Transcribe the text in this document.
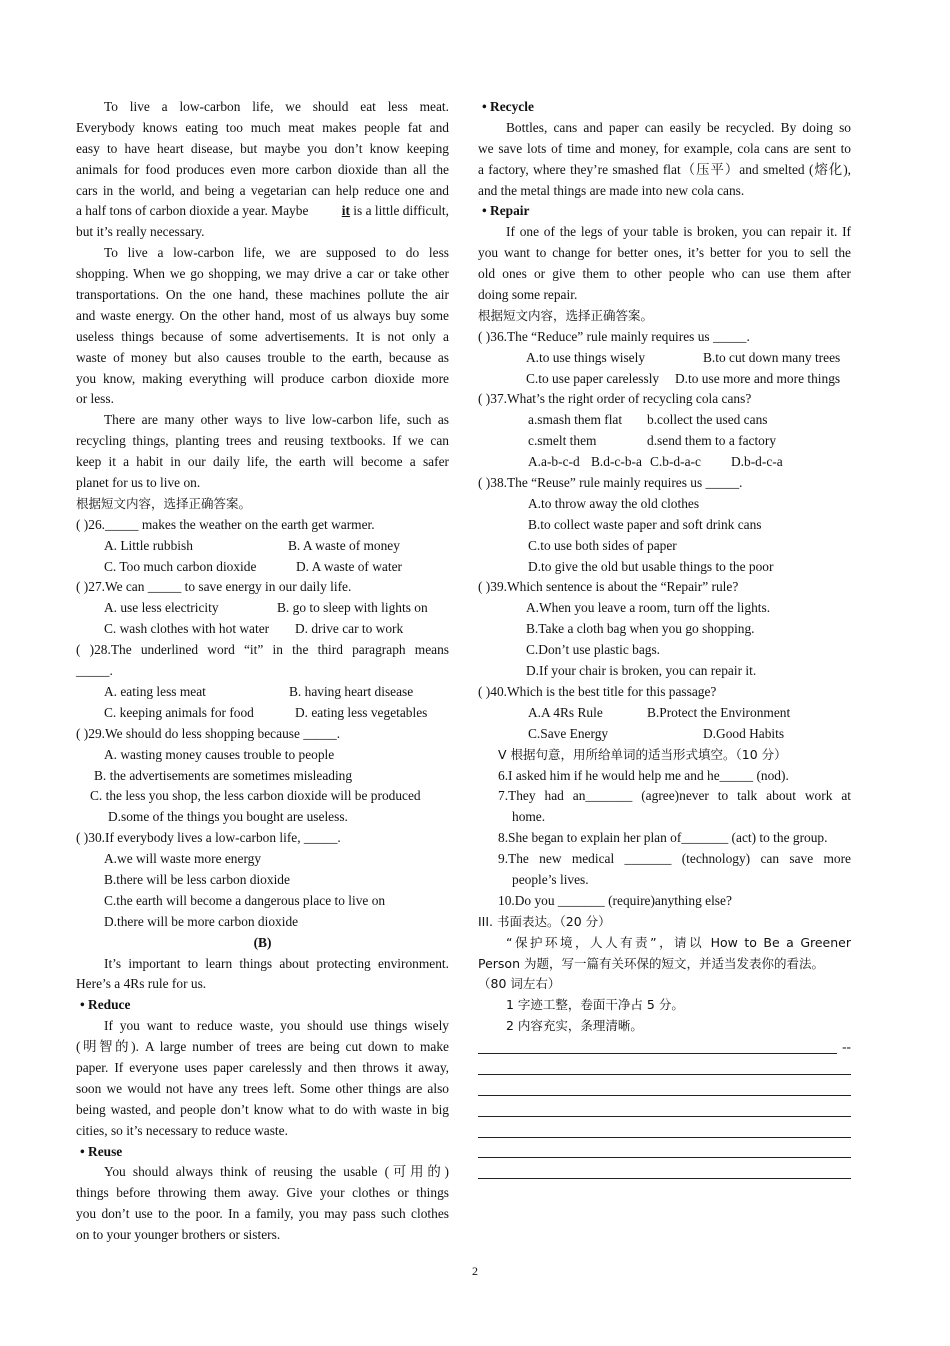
To live a low-carbon life, we should eat less meat.
Everybody knows eating too much meat makes people fat and
easy to have heart disease, but maybe you don’t know keeping
animals for food produces even more carbon dioxide than all the
cars in the world, and being a vegetarian can help reduce one and
a half tons of carbon dioxide a year. Maybe it is a little difficult,
but it’s really necessary.
To live a low-carbon life, we are supposed to do less
shopping. When we go shopping, we may drive a car or take other
transportations. On the one hand, these machines pollute the air
and waste energy. On the other hand, most of us always buy some
useless things because of some advertisements. It is not only a
waste of money but also causes trouble to the earth, because as
you know, making everything will produce carbon dioxide more
or less.
There are many other ways to live low-carbon life, such as
recycling things, planting trees and reusing textbooks. If we can
keep it a habit in our daily life, the earth will become a safer
planet for us to live on.
根据短文内容，选择正确答案。
( )26._____ makes the weather on the earth get warmer.
A. Little rubbish	B. A waste of money
C. Too much carbon dioxide	D. A waste of water
( )27.We can _____ to save energy in our daily life.
A. use less electricity	B. go to sleep with lights on
C. wash clothes with hot water	D. drive car to work
( )28.The underlined word “it” in the third paragraph means
_____.
A. eating less meat	B. having heart disease
C. keeping animals for food	D. eating less vegetables
( )29.We should do less shopping because _____.
A. wasting money causes trouble to people
B. the advertisements are sometimes misleading
C. the less you shop, the less carbon dioxide will be produced
D.some of the things you bought are useless.
( )30.If everybody lives a low-carbon life, _____.
A.we will waste more energy
B.there will be less carbon dioxide
C.the earth will become a dangerous place to live on
D.there will be more carbon dioxide
(B)
It’s important to learn things about protecting environment.
Here’s a 4Rs rule for us.
• Reduce
If you want to reduce waste, you should use things wisely
(明智的). A large number of trees are being cut down to make
paper. If everyone uses paper carelessly and then throws it away,
soon we would not have any trees left. Some other things are also
being wasted, and people don’t know what to do with waste in big
cities, so it’s necessary to reduce waste.
• Reuse
You should always think of reusing the usable (可用的)
things before throwing them away. Give your clothes or things
you don’t use to the poor. In a family, you may pass such clothes
on to your younger brothers or sisters.
• Recycle
Bottles, cans and paper can easily be recycled. By doing so
we save lots of time and money, for example, cola cans are sent to
a factory, where they’re smashed flat（压平）and smelted (熔化),
and the metal things are made into new cola cans.
• Repair
If one of the legs of your table is broken, you can repair it. If
you want to change for better ones, it’s better for you to sell the
old ones or give them to other people who can use them after
doing some repair.
根据短文内容，选择正确答案。
( )36.The “Reduce” rule mainly requires us _____.
A.to use things wisely	B.to cut down many trees
C.to use paper carelessly	D.to use more and more things
( )37.What’s the right order of recycling cola cans?
a.smash them flat	b.collect the used cans
c.smelt them	d.send them to a factory
A.a-b-c-d B.d-c-b-a C.b-d-a-c	D.b-d-c-a
( )38.The “Reuse” rule mainly requires us _____.
A.to throw away the old clothes
B.to collect waste paper and soft drink cans
C.to use both sides of paper
D.to give the old but usable things to the poor
( )39.Which sentence is about the “Repair” rule?
A.When you leave a room, turn off the lights.
B.Take a cloth bag when you go shopping.
C.Don’t use plastic bags.
D.If your chair is broken, you can repair it.
( )40.Which is the best title for this passage?
A.A 4Rs Rule	B.Protect the Environment
C.Save Energy	D.Good Habits
V 根据句意，用所给单词的适当形式填空。（10 分）
6.I asked him if he would help me and he_____ (nod).
7.They had an_______ (agree)never to talk about work at
home.
8.She began to explain her plan of_______ (act) to the group.
9.The new medical _______ (technology) can save more
people’s lives.
10.Do you _______ (require)anything else?
III. 书面表达。（20 分）
“保护环境，人人有责”，请以 How to Be a Greener
Person 为题，写一篇有关环保的短文，并适当发表你的看法。
（80 词左右）
1 字迹工整，卷面干净占 5 分。
2 内容充实，条理清晰。
--
2
